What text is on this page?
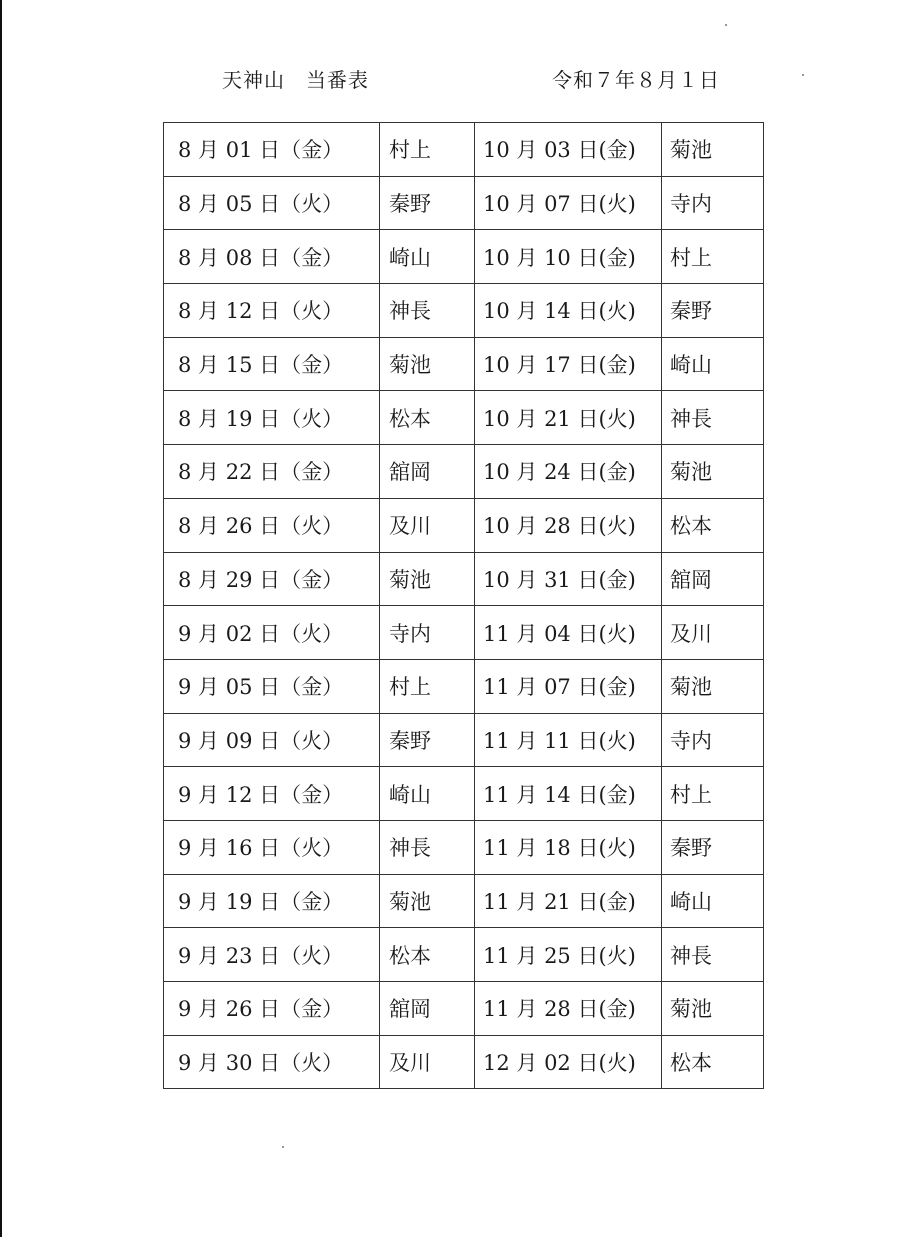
天神山　当番表	令和７年８月１日
8 月 01 日（金）	村上	10 月 03 日(金)	菊池
8 月 05 日（火）	秦野	10 月 07 日(火)	寺内
8 月 08 日（金）	崎山	10 月 10 日(金)	村上
8 月 12 日（火）	神長	10 月 14 日(火)	秦野
8 月 15 日（金）	菊池	10 月 17 日(金)	崎山
8 月 19 日（火）	松本	10 月 21 日(火)	神長
8 月 22 日（金）	舘岡	10 月 24 日(金)	菊池
8 月 26 日（火）	及川	10 月 28 日(火)	松本
8 月 29 日（金）	菊池	10 月 31 日(金)	舘岡
9 月 02 日（火）	寺内	11 月 04 日(火)	及川
9 月 05 日（金）	村上	11 月 07 日(金)	菊池
9 月 09 日（火）	秦野	11 月 11 日(火)	寺内
9 月 12 日（金）	崎山	11 月 14 日(金)	村上
9 月 16 日（火）	神長	11 月 18 日(火)	秦野
9 月 19 日（金）	菊池	11 月 21 日(金)	崎山
9 月 23 日（火）	松本	11 月 25 日(火)	神長
9 月 26 日（金）	舘岡	11 月 28 日(金)	菊池
9 月 30 日（火）	及川	12 月 02 日(火)	松本
